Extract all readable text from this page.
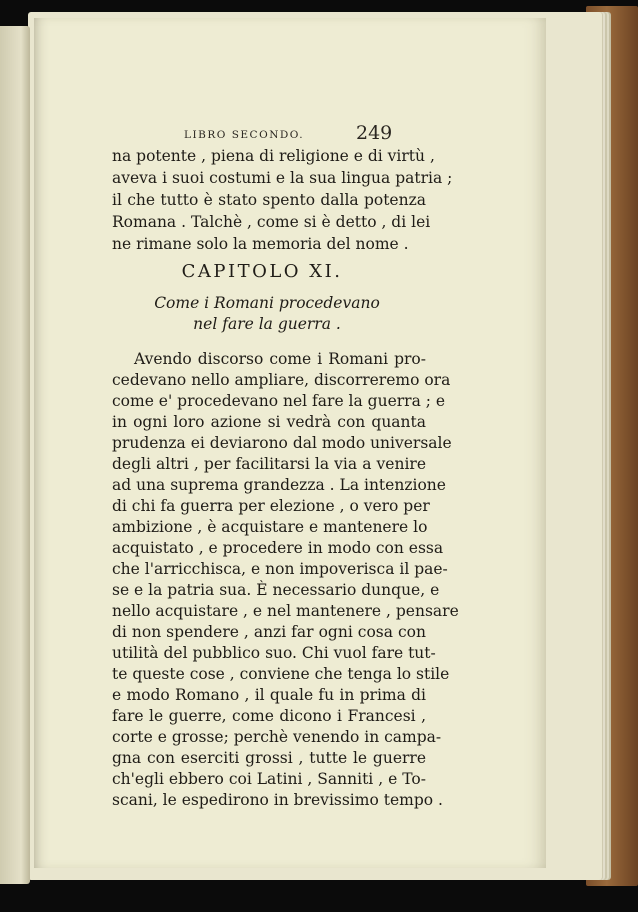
LIBRO SECONDO.	249
na potente , piena di religione e di virtù ,
aveva i suoi costumi e la sua lingua patria ;
il che tutto è stato spento dalla potenza
Romana . Talchè , come si è detto , di lei
ne rimane solo la memoria del nome .
CAPITOLO XI.
Come i Romani procedevano
nel fare la guerra .
Avendo discorso come i Romani pro-
cedevano nello ampliare, discorreremo ora
come e' procedevano nel fare la guerra ; e
in ogni loro azione si vedrà con quanta
prudenza ei deviarono dal modo universale
degli altri , per facilitarsi la via a venire
ad una suprema grandezza . La intenzione
di chi fa guerra per elezione , o vero per
ambizione , è acquistare e mantenere lo
acquistato , e procedere in modo con essa
che l'arricchisca, e non impoverisca il pae-
se e la patria sua. È necessario dunque, e
nello acquistare , e nel mantenere , pensare
di non spendere , anzi far ogni cosa con
utilità del pubblico suo. Chi vuol fare tut-
te queste cose , conviene che tenga lo stile
e modo Romano , il quale fu in prima di
fare le guerre, come dicono i Francesi ,
corte e grosse; perchè venendo in campa-
gna con eserciti grossi , tutte le guerre
ch'egli ebbero coi Latini , Sanniti , e To-
scani, le espedirono in brevissimo tempo .
